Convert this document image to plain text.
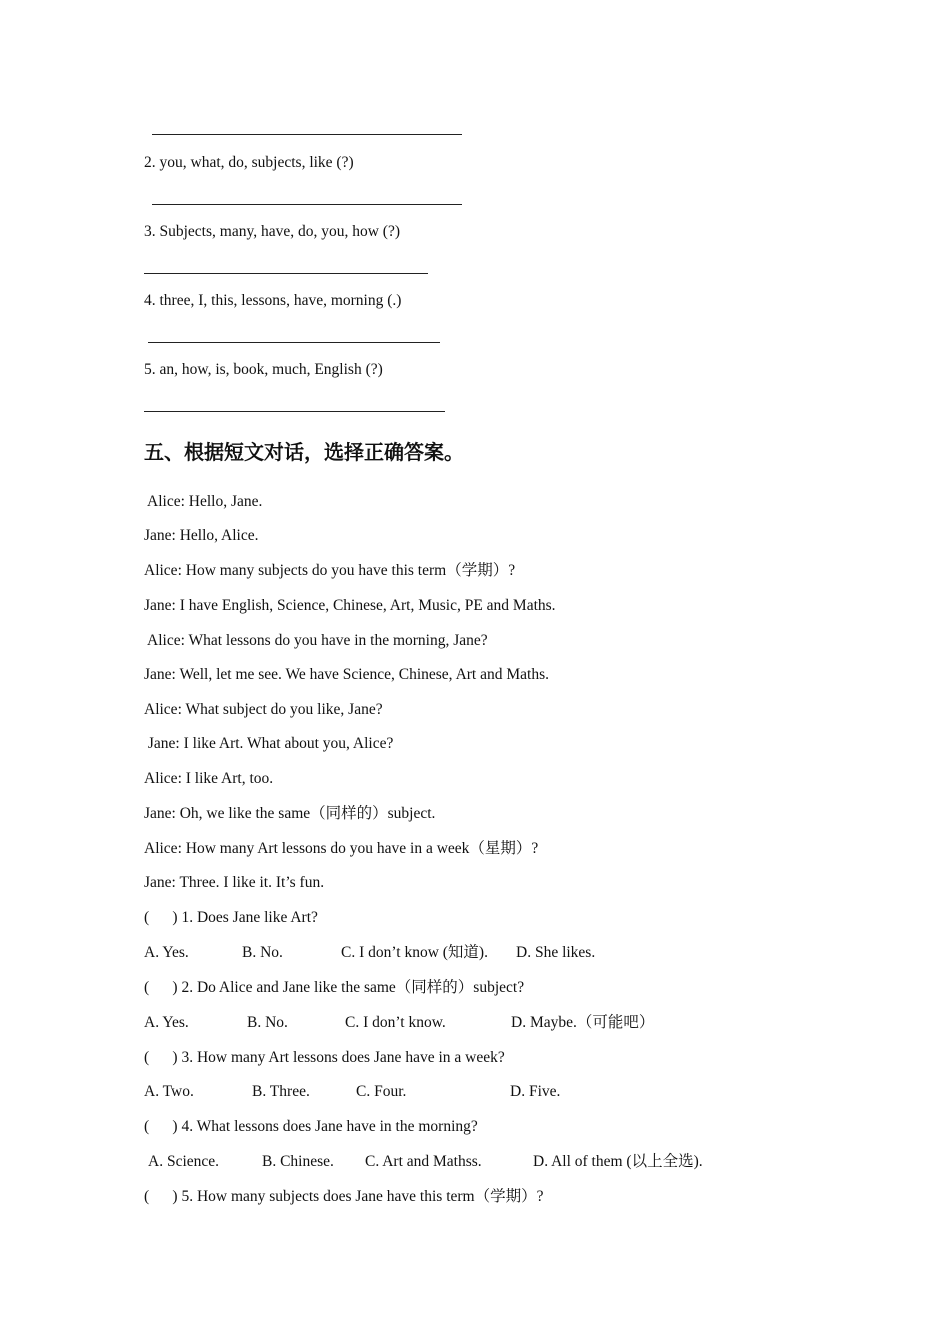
2. you, what, do, subjects, like (?)
3. Subjects, many, have, do, you, how (?)
4. three, I, this, lessons, have, morning (.)
5. an, how, is, book, much, English (?)
五、根据短文对话，选择正确答案。
Alice: Hello, Jane.
Jane: Hello, Alice.
Alice: How many subjects do you have this term（学期）?
Jane: I have English, Science, Chinese, Art, Music, PE and Maths.
Alice: What lessons do you have in the morning, Jane?
Jane: Well, let me see. We have Science, Chinese, Art and Maths.
Alice: What subject do you like, Jane?
Jane: I like Art. What about you, Alice?
Alice: I like Art, too.
Jane: Oh, we like the same（同样的）subject.
Alice: How many Art lessons do you have in a week（星期）?
Jane: Three. I like it. It’s fun.
(      ) 1. Does Jane like Art?
A. Yes.	B. No.	C. I don’t know (知道). D. She likes.
(      ) 2. Do Alice and Jane like the same（同样的）subject?
A. Yes.	B. No.	C. I don’t know.	D. Maybe.（可能吧）
(      ) 3. How many Art lessons does Jane have in a week?
A. Two.	B. Three.	C. Four.	D. Five.
(      ) 4. What lessons does Jane have in the morning?
A. Science.	B. Chinese. C. Art and Mathss.	D. All of them (以上全选).
(      ) 5. How many subjects does Jane have this term（学期）?
